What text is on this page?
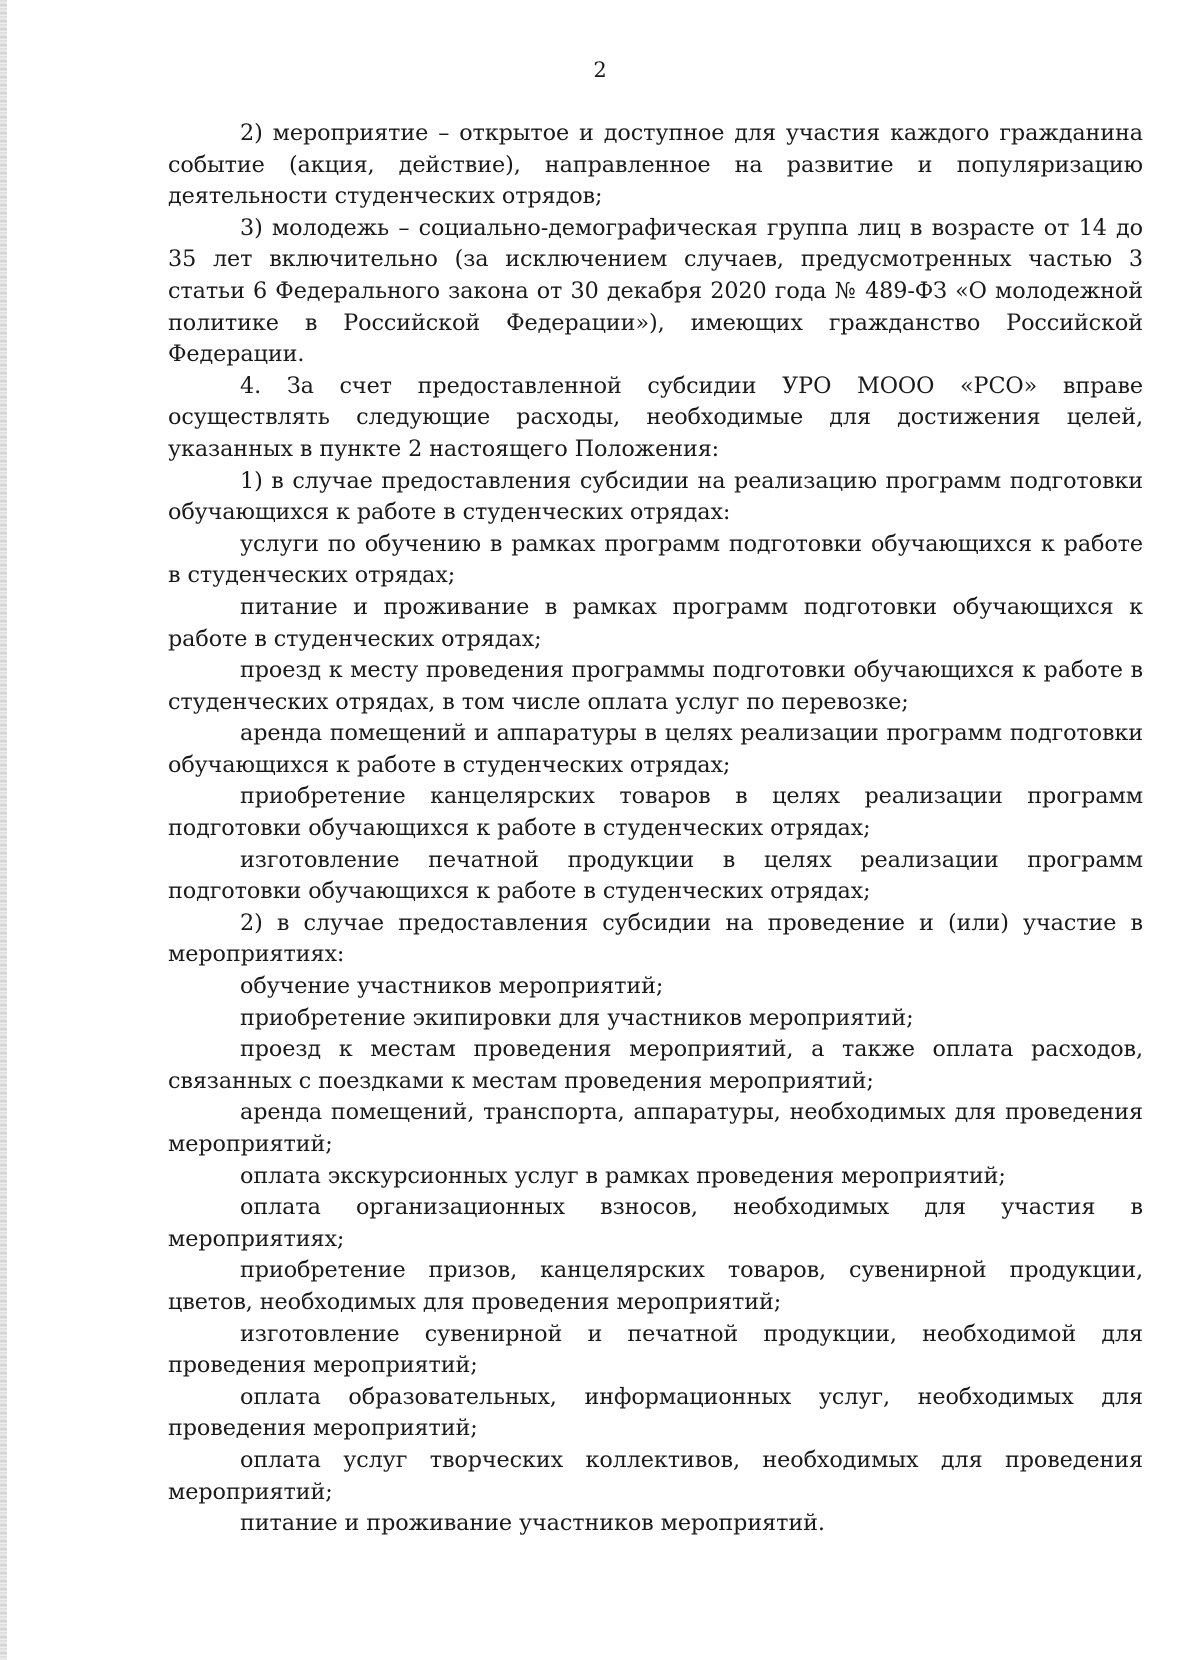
2

2) мероприятие – открытое и доступное для участия каждого гражданина событие (акция, действие), направленное на развитие и популяризацию деятельности студенческих отрядов;

3) молодежь – социально-демографическая группа лиц в возрасте от 14 до 35 лет включительно (за исключением случаев, предусмотренных частью 3 статьи 6 Федерального закона от 30 декабря 2020 года № 489-ФЗ «О молодежной политике в Российской Федерации»), имеющих гражданство Российской Федерации.

4. За счет предоставленной субсидии УРО МООО «РСО» вправе осуществлять следующие расходы, необходимые для достижения целей, указанных в пункте 2 настоящего Положения:

1) в случае предоставления субсидии на реализацию программ подготовки обучающихся к работе в студенческих отрядах:

услуги по обучению в рамках программ подготовки обучающихся к работе в студенческих отрядах;

питание и проживание в рамках программ подготовки обучающихся к работе в студенческих отрядах;

проезд к месту проведения программы подготовки обучающихся к работе в студенческих отрядах, в том числе оплата услуг по перевозке;

аренда помещений и аппаратуры в целях реализации программ подготовки обучающихся к работе в студенческих отрядах;

приобретение канцелярских товаров в целях реализации программ подготовки обучающихся к работе в студенческих отрядах;

изготовление печатной продукции в целях реализации программ подготовки обучающихся к работе в студенческих отрядах;

2) в случае предоставления субсидии на проведение и (или) участие в мероприятиях:

обучение участников мероприятий;

приобретение экипировки для участников мероприятий;

проезд к местам проведения мероприятий, а также оплата расходов, связанных с поездками к местам проведения мероприятий;

аренда помещений, транспорта, аппаратуры, необходимых для проведения мероприятий;

оплата экскурсионных услуг в рамках проведения мероприятий;

оплата организационных взносов, необходимых для участия в мероприятиях;

приобретение призов, канцелярских товаров, сувенирной продукции, цветов, необходимых для проведения мероприятий;

изготовление сувенирной и печатной продукции, необходимой для проведения мероприятий;

оплата образовательных, информационных услуг, необходимых для проведения мероприятий;

оплата услуг творческих коллективов, необходимых для проведения мероприятий;

питание и проживание участников мероприятий.
